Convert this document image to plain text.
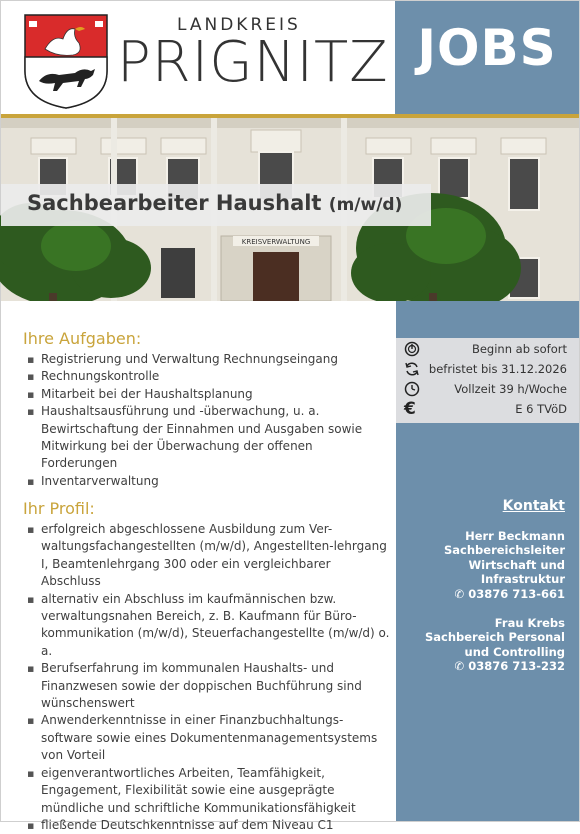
LANDKREIS
PRIGNITZ JOBS
KREISVERWALTUNG
Sachbearbeiter Haushalt (m/w/d)
Ihre Aufgaben:
▪ Registrierung und Verwaltung Rechnungseingang
▪ Rechnungskontrolle
▪ Mitarbeit bei der Haushaltsplanung
▪ Haushaltsausführung und -überwachung, u. a. Bewirtschaftung der Einnahmen und Ausgaben sowie Mitwirkung bei der Überwachung der offenen Forderungen
▪ Inventarverwaltung
Ihr Profil:
▪ erfolgreich abgeschlossene Ausbildung zum Ver-waltungsfachangestellten (m/w/d), Angestellten-lehrgang I, Beamtenlehrgang 300 oder ein vergleichbarer Abschluss
▪ alternativ ein Abschluss im kaufmännischen bzw. verwaltungsnahen Bereich, z. B. Kaufmann für Büro-kommunikation (m/w/d), Steuerfachangestellte (m/w/d) o. a.
▪ Berufserfahrung im kommunalen Haushalts- und Finanzwesen sowie der doppischen Buchführung sind wünschenswert
▪ Anwenderkenntnisse in einer Finanzbuchhaltungs-software sowie eines Dokumentenmanagementsystems von Vorteil
▪ eigenverantwortliches Arbeiten, Teamfähigkeit, Engagement, Flexibilität sowie eine ausgeprägte mündliche und schriftliche Kommunikationsfähigkeit
▪ fließende Deutschkenntnisse auf dem Niveau C1
Beginn ab sofort
befristet bis 31.12.2026
Vollzeit 39 h/Woche
€	E 6 TVöD
Kontakt
Herr Beckmann
Sachbereichsleiter
Wirtschaft und
Infrastruktur
✆ 03876 713-661
Frau Krebs
Sachbereich Personal
und Controlling
✆ 03876 713-232
